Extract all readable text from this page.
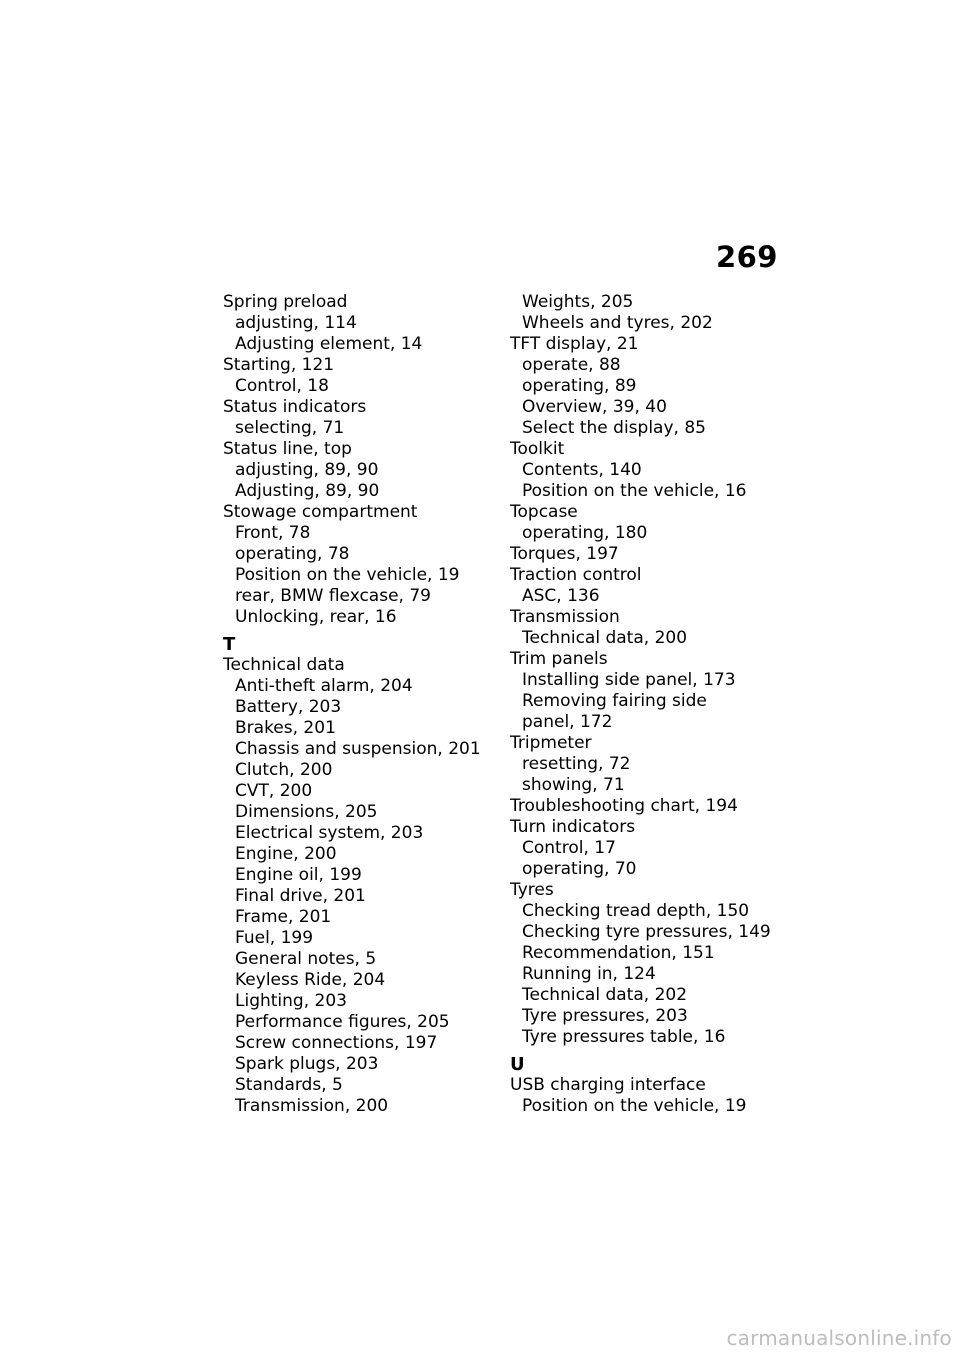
269
Spring preload
adjusting, 114
Adjusting element, 14
Starting, 121
Control, 18
Status indicators
selecting, 71
Status line, top
adjusting, 89, 90
Adjusting, 89, 90
Stowage compartment
Front, 78
operating, 78
Position on the vehicle, 19
rear, BMW flexcase, 79
Unlocking, rear, 16
T
Technical data
Anti-theft alarm, 204
Battery, 203
Brakes, 201
Chassis and suspension, 201
Clutch, 200
CVT, 200
Dimensions, 205
Electrical system, 203
Engine, 200
Engine oil, 199
Final drive, 201
Frame, 201
Fuel, 199
General notes, 5
Keyless Ride, 204
Lighting, 203
Performance figures, 205
Screw connections, 197
Spark plugs, 203
Standards, 5
Transmission, 200
Weights, 205
Wheels and tyres, 202
TFT display, 21
operate, 88
operating, 89
Overview, 39, 40
Select the display, 85
Toolkit
Contents, 140
Position on the vehicle, 16
Topcase
operating, 180
Torques, 197
Traction control
ASC, 136
Transmission
Technical data, 200
Trim panels
Installing side panel, 173
Removing fairing side
panel, 172
Tripmeter
resetting, 72
showing, 71
Troubleshooting chart, 194
Turn indicators
Control, 17
operating, 70
Tyres
Checking tread depth, 150
Checking tyre pressures, 149
Recommendation, 151
Running in, 124
Technical data, 202
Tyre pressures, 203
Tyre pressures table, 16
U
USB charging interface
Position on the vehicle, 19
carmanualsonline.info
